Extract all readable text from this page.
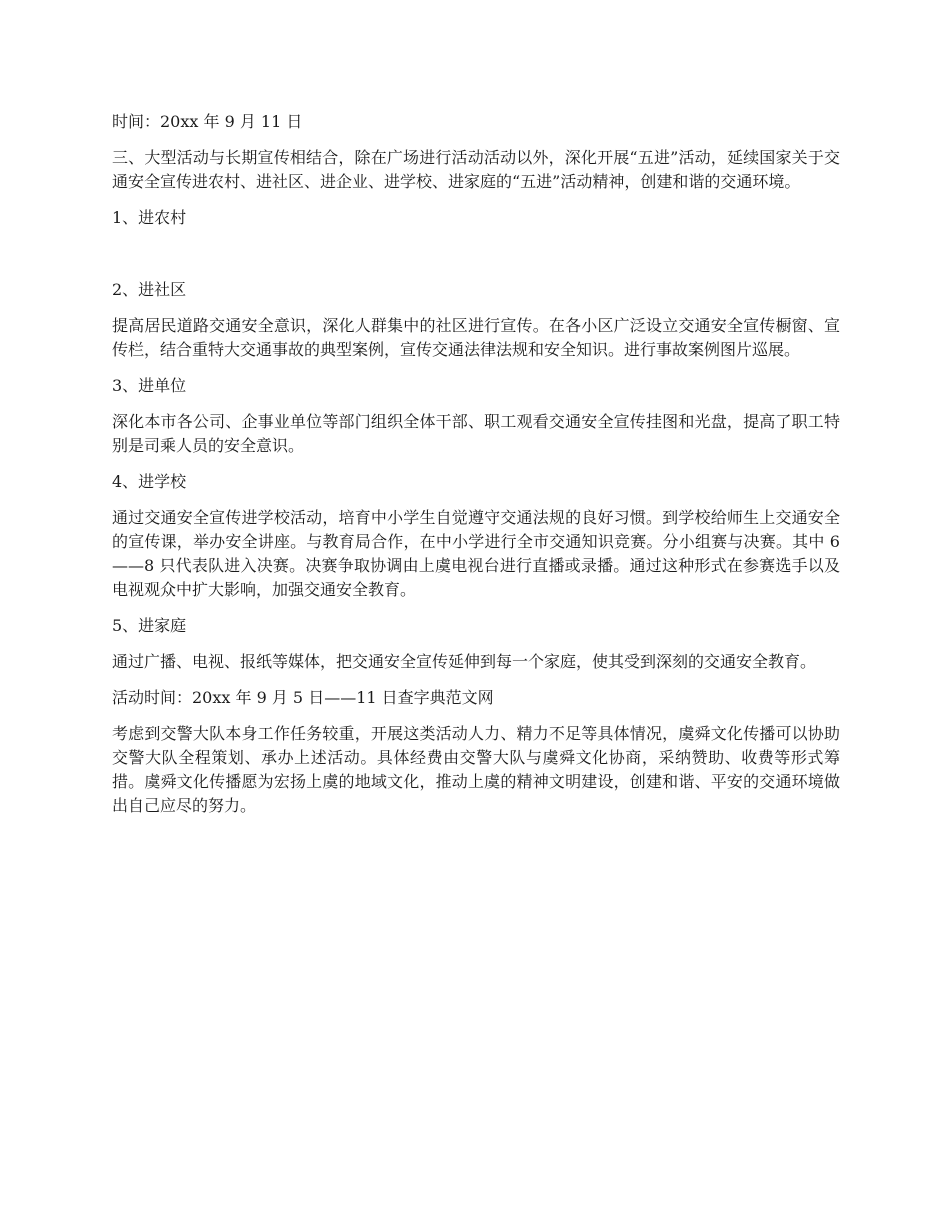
时间：20xx 年 9 月 11 日

三、大型活动与长期宣传相结合，除在广场进行活动活动以外，深化开展“五进”活动，延续国家关于交通安全宣传进农村、进社区、进企业、进学校、进家庭的“五进”活动精神，创建和谐的交通环境。

1、进农村

2、进社区

提高居民道路交通安全意识，深化人群集中的社区进行宣传。在各小区广泛设立交通安全宣传橱窗、宣传栏，结合重特大交通事故的典型案例，宣传交通法律法规和安全知识。进行事故案例图片巡展。

3、进单位

深化本市各公司、企事业单位等部门组织全体干部、职工观看交通安全宣传挂图和光盘，提高了职工特别是司乘人员的安全意识。

4、进学校

通过交通安全宣传进学校活动，培育中小学生自觉遵守交通法规的良好习惯。到学校给师生上交通安全的宣传课，举办安全讲座。与教育局合作，在中小学进行全市交通知识竞赛。分小组赛与决赛。其中 6——8 只代表队进入决赛。决赛争取协调由上虞电视台进行直播或录播。通过这种形式在参赛选手以及电视观众中扩大影响，加强交通安全教育。

5、进家庭

通过广播、电视、报纸等媒体，把交通安全宣传延伸到每一个家庭，使其受到深刻的交通安全教育。

活动时间：20xx 年 9 月 5 日——11 日查字典范文网

考虑到交警大队本身工作任务较重，开展这类活动人力、精力不足等具体情况，虞舜文化传播可以协助交警大队全程策划、承办上述活动。具体经费由交警大队与虞舜文化协商，采纳赞助、收费等形式筹措。虞舜文化传播愿为宏扬上虞的地域文化，推动上虞的精神文明建设，创建和谐、平安的交通环境做出自己应尽的努力。
